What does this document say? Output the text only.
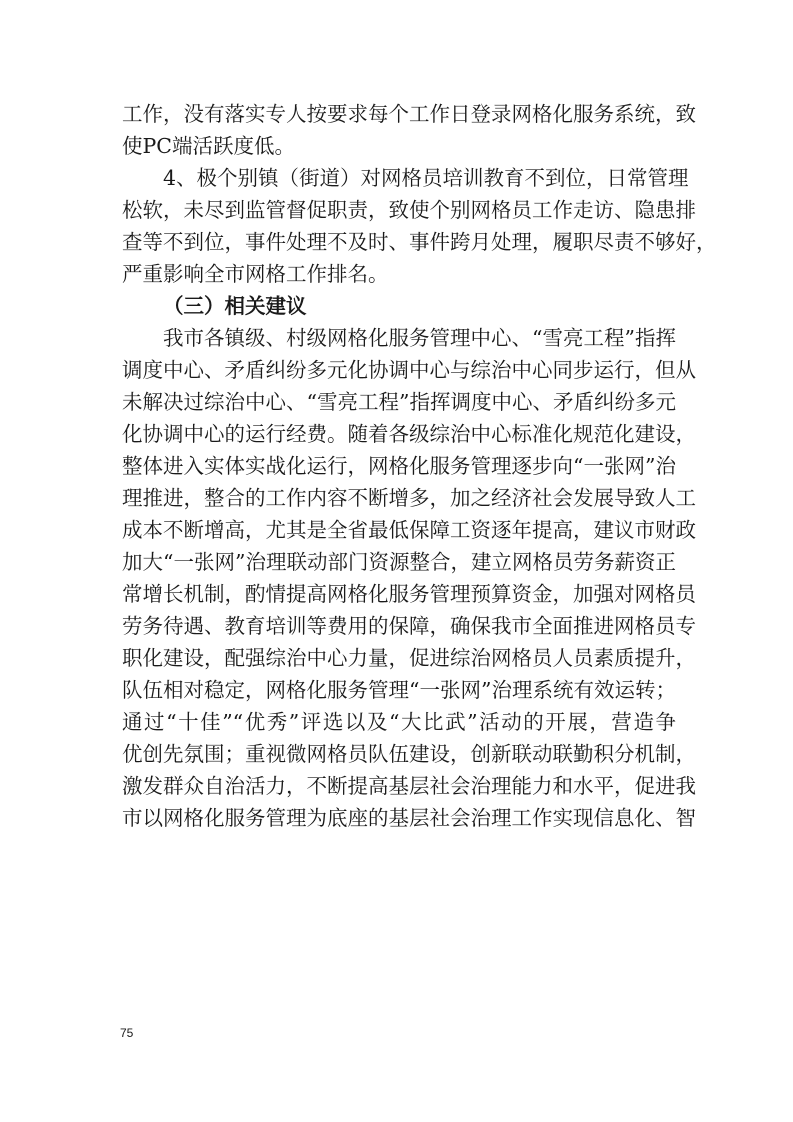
工作，没有落实专人按要求每个工作日登录网格化服务系统，致
使PC端活跃度低。
4、极个别镇（街道）对网格员培训教育不到位，日常管理
松软，未尽到监管督促职责，致使个别网格员工作走访、隐患排
查等不到位，事件处理不及时、事件跨月处理，履职尽责不够好，
严重影响全市网格工作排名。
（三）相关建议
我市各镇级、村级网格化服务管理中心、“雪亮工程”指挥
调度中心、矛盾纠纷多元化协调中心与综治中心同步运行，但从
未解决过综治中心、“雪亮工程”指挥调度中心、矛盾纠纷多元
化协调中心的运行经费。随着各级综治中心标准化规范化建设，
整体进入实体实战化运行，网格化服务管理逐步向“一张网”治
理推进，整合的工作内容不断增多，加之经济社会发展导致人工
成本不断增高，尤其是全省最低保障工资逐年提高，建议市财政
加大“一张网”治理联动部门资源整合，建立网格员劳务薪资正
常增长机制，酌情提高网格化服务管理预算资金，加强对网格员
劳务待遇、教育培训等费用的保障，确保我市全面推进网格员专
职化建设，配强综治中心力量，促进综治网格员人员素质提升，
队伍相对稳定，网格化服务管理“一张网”治理系统有效运转；
通过“十佳”“优秀”评选以及“大比武”活动的开展，营造争
优创先氛围；重视微网格员队伍建设，创新联动联勤积分机制，
激发群众自治活力，不断提高基层社会治理能力和水平，促进我
市以网格化服务管理为底座的基层社会治理工作实现信息化、智
75
